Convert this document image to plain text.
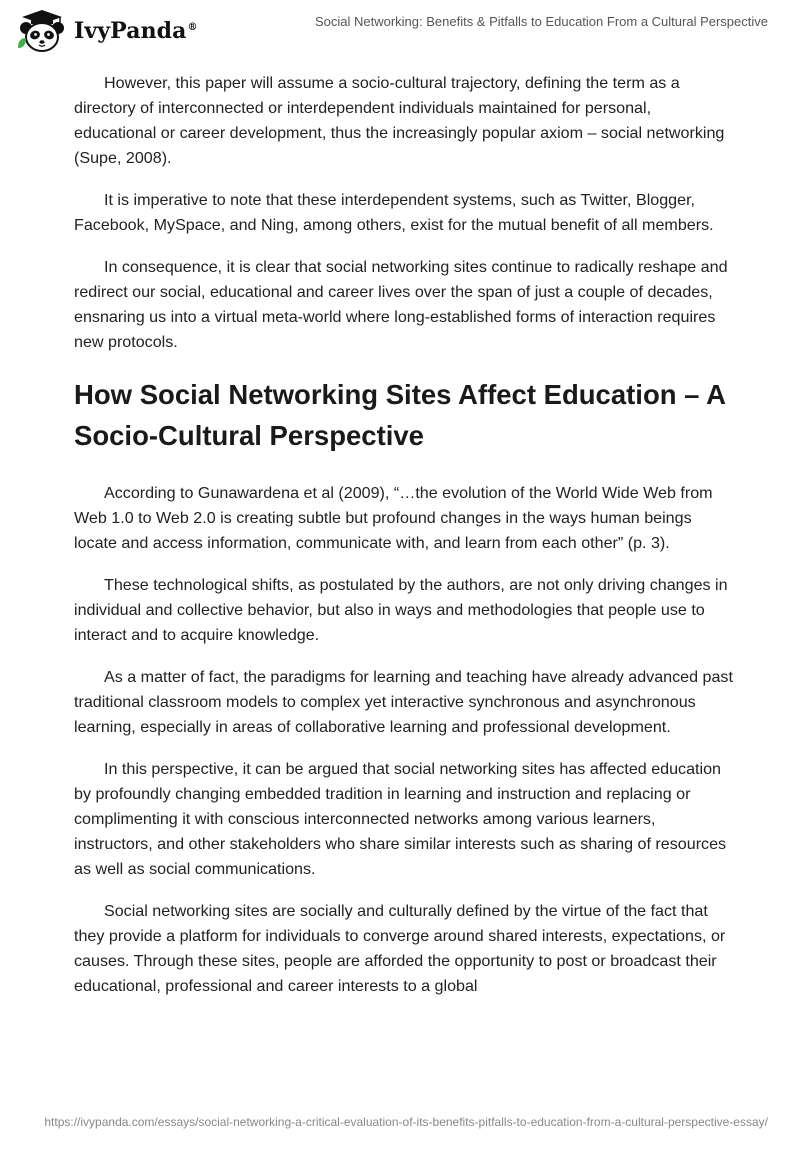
IvyPanda®	Social Networking: Benefits & Pitfalls to Education From a Cultural Perspective

However, this paper will assume a socio-cultural trajectory, defining the term as a directory of interconnected or interdependent individuals maintained for personal, educational or career development, thus the increasingly popular axiom – social networking (Supe, 2008).

It is imperative to note that these interdependent systems, such as Twitter, Blogger, Facebook, MySpace, and Ning, among others, exist for the mutual benefit of all members.

In consequence, it is clear that social networking sites continue to radically reshape and redirect our social, educational and career lives over the span of just a couple of decades, ensnaring us into a virtual meta-world where long-established forms of interaction requires new protocols.

How Social Networking Sites Affect Education – A Socio-Cultural Perspective

According to Gunawardena et al (2009), “…the evolution of the World Wide Web from Web 1.0 to Web 2.0 is creating subtle but profound changes in the ways human beings locate and access information, communicate with, and learn from each other” (p. 3).

These technological shifts, as postulated by the authors, are not only driving changes in individual and collective behavior, but also in ways and methodologies that people use to interact and to acquire knowledge.

As a matter of fact, the paradigms for learning and teaching have already advanced past traditional classroom models to complex yet interactive synchronous and asynchronous learning, especially in areas of collaborative learning and professional development.

In this perspective, it can be argued that social networking sites has affected education by profoundly changing embedded tradition in learning and instruction and replacing or complimenting it with conscious interconnected networks among various learners, instructors, and other stakeholders who share similar interests such as sharing of resources as well as social communications.

Social networking sites are socially and culturally defined by the virtue of the fact that they provide a platform for individuals to converge around shared interests, expectations, or causes. Through these sites, people are afforded the opportunity to post or broadcast their educational, professional and career interests to a global

https://ivypanda.com/essays/social-networking-a-critical-evaluation-of-its-benefits-pitfalls-to-education-from-a-cultural-perspective-essay/
